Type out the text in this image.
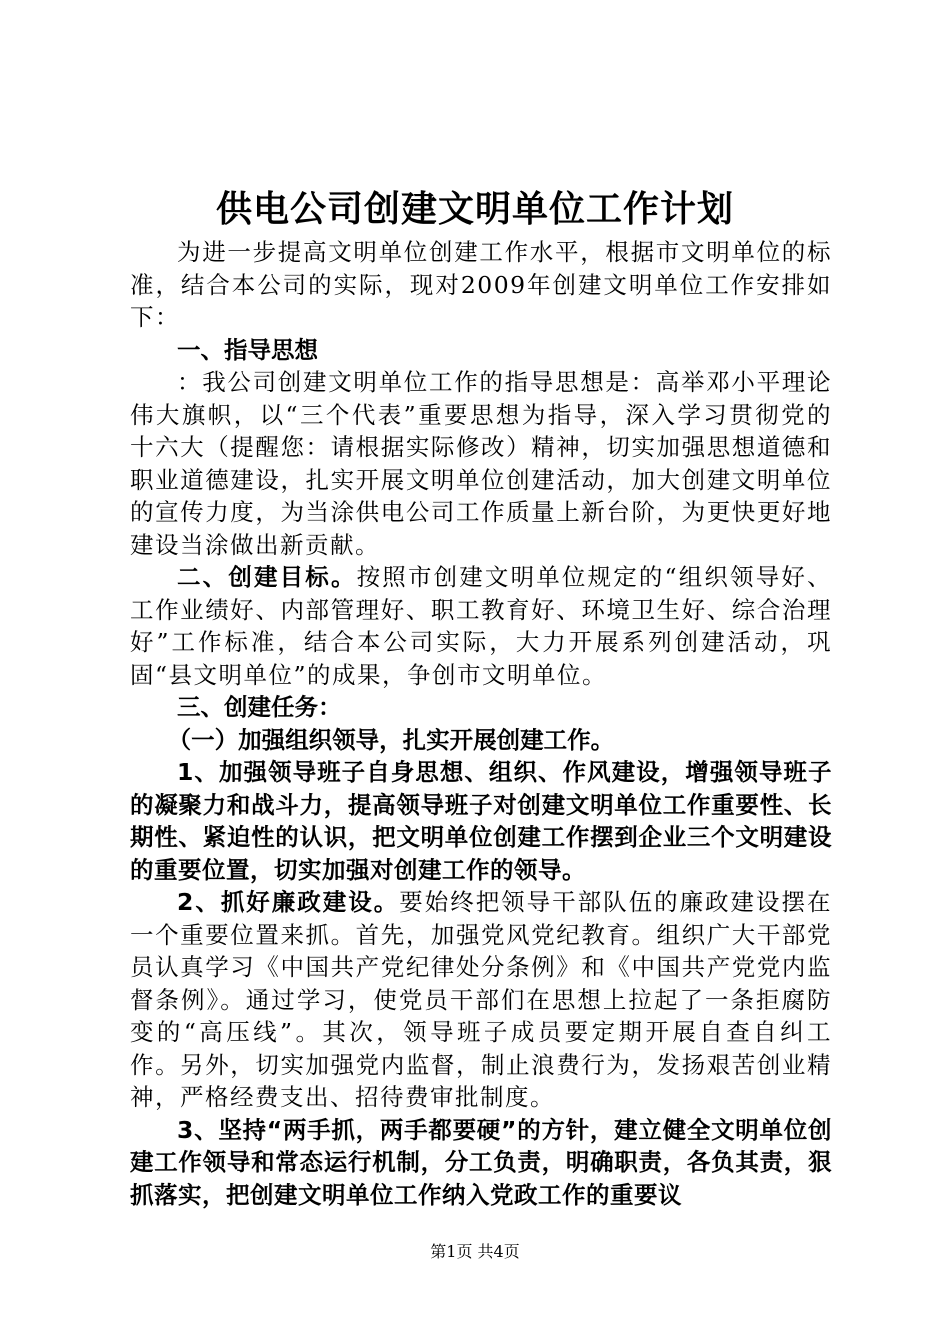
供电公司创建文明单位工作计划

为进一步提高文明单位创建工作水平，根据市文明单位的标准，结合本公司的实际，现对2009年创建文明单位工作安排如下：

一、指导思想

：我公司创建文明单位工作的指导思想是：高举邓小平理论伟大旗帜，以“三个代表”重要思想为指导，深入学习贯彻党的十六大（提醒您：请根据实际修改）精神，切实加强思想道德和职业道德建设，扎实开展文明单位创建活动，加大创建文明单位的宣传力度，为当涂供电公司工作质量上新台阶，为更快更好地建设当涂做出新贡献。

二、创建目标。按照市创建文明单位规定的“组织领导好、工作业绩好、内部管理好、职工教育好、环境卫生好、综合治理好”工作标准，结合本公司实际，大力开展系列创建活动，巩固“县文明单位”的成果，争创市文明单位。

三、创建任务：

（一）加强组织领导，扎实开展创建工作。

1、加强领导班子自身思想、组织、作风建设，增强领导班子的凝聚力和战斗力，提高领导班子对创建文明单位工作重要性、长期性、紧迫性的认识，把文明单位创建工作摆到企业三个文明建设的重要位置，切实加强对创建工作的领导。

2、抓好廉政建设。要始终把领导干部队伍的廉政建设摆在一个重要位置来抓。首先，加强党风党纪教育。组织广大干部党员认真学习《中国共产党纪律处分条例》和《中国共产党党内监督条例》。通过学习，使党员干部们在思想上拉起了一条拒腐防变的“高压线”。其次，领导班子成员要定期开展自查自纠工作。另外，切实加强党内监督，制止浪费行为，发扬艰苦创业精神，严格经费支出、招待费审批制度。

3、坚持“两手抓，两手都要硬”的方针，建立健全文明单位创建工作领导和常态运行机制，分工负责，明确职责，各负其责，狠抓落实，把创建文明单位工作纳入党政工作的重要议

第1页 共4页
